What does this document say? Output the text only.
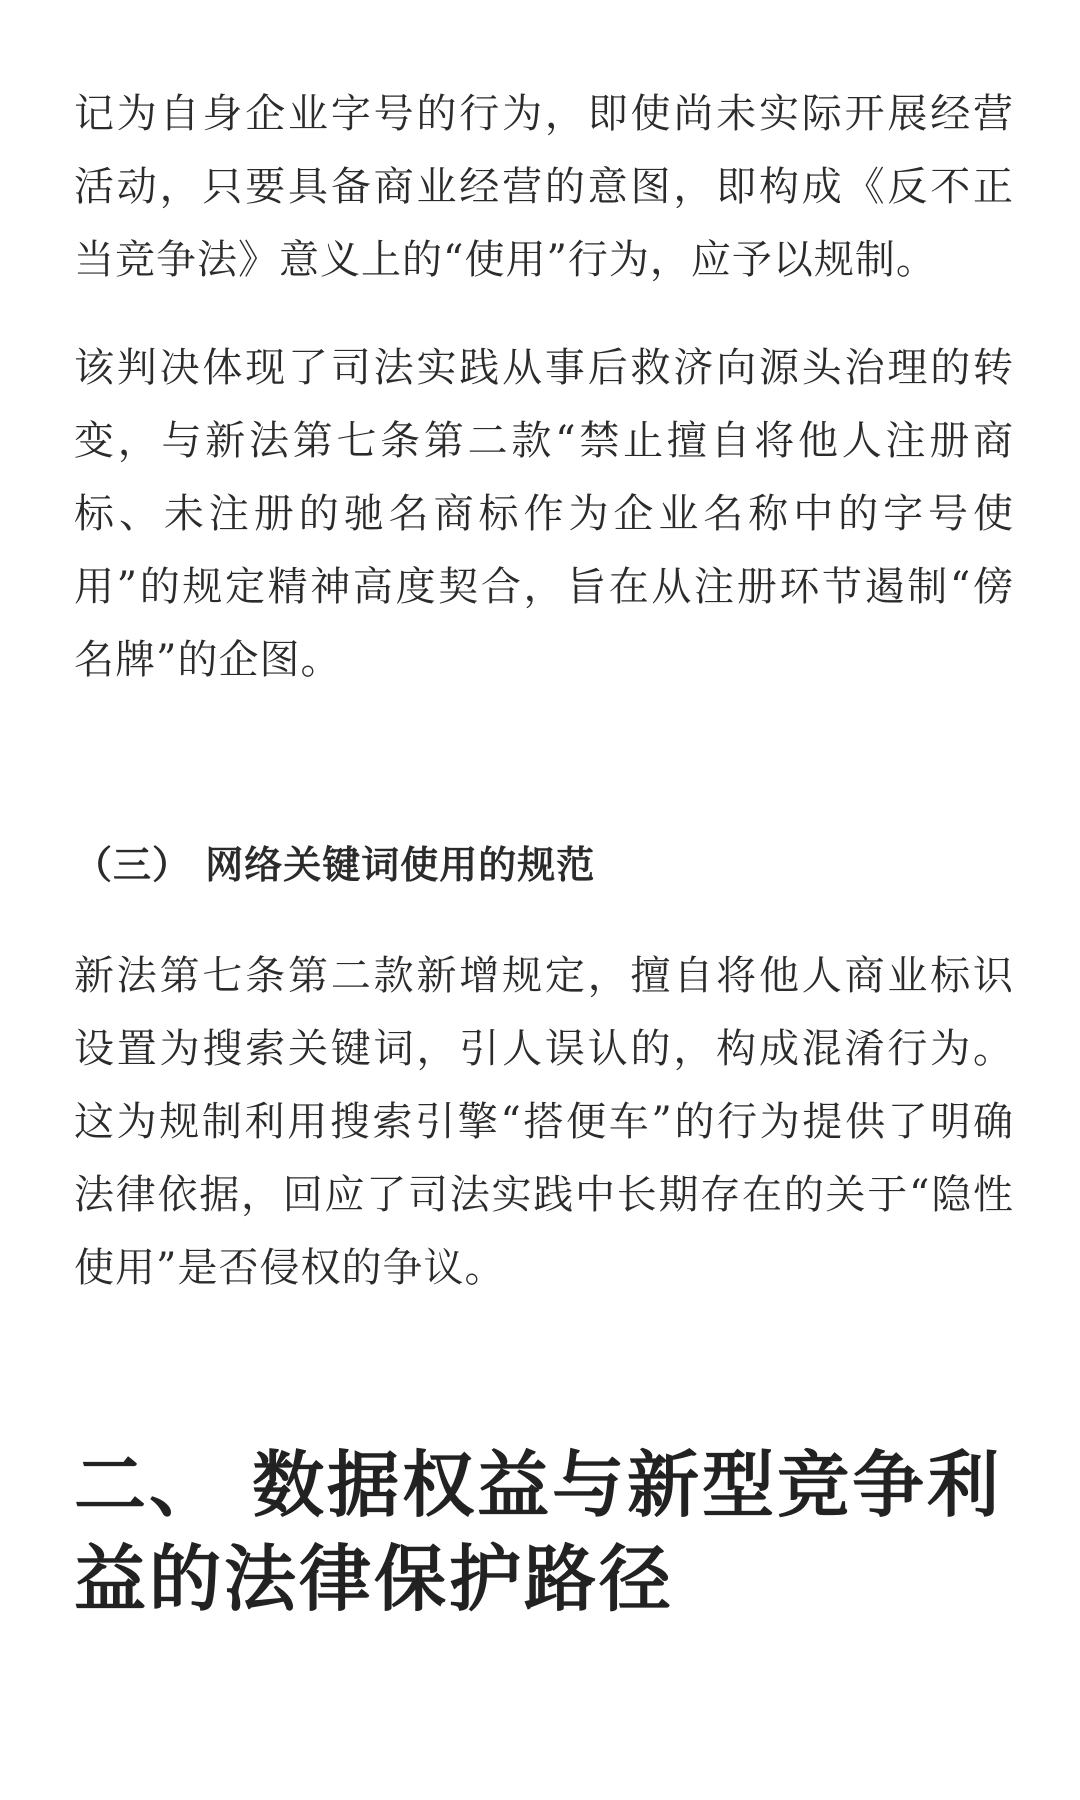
记为自身企业字号的行为，即使尚未实际开展经营活动，只要具备商业经营的意图，即构成《反不正当竞争法》意义上的“使用”行为，应予以规制。

该判决体现了司法实践从事后救济向源头治理的转变，与新法第七条第二款“禁止擅自将他人注册商标、未注册的驰名商标作为企业名称中的字号使用”的规定精神高度契合，旨在从注册环节遏制“傍名牌”的企图。

（三） 网络关键词使用的规范

新法第七条第二款新增规定，擅自将他人商业标识设置为搜索关键词，引人误认的，构成混淆行为。这为规制利用搜索引擎“搭便车”的行为提供了明确法律依据，回应了司法实践中长期存在的关于“隐性使用”是否侵权的争议。

二、 数据权益与新型竞争利益的法律保护路径
